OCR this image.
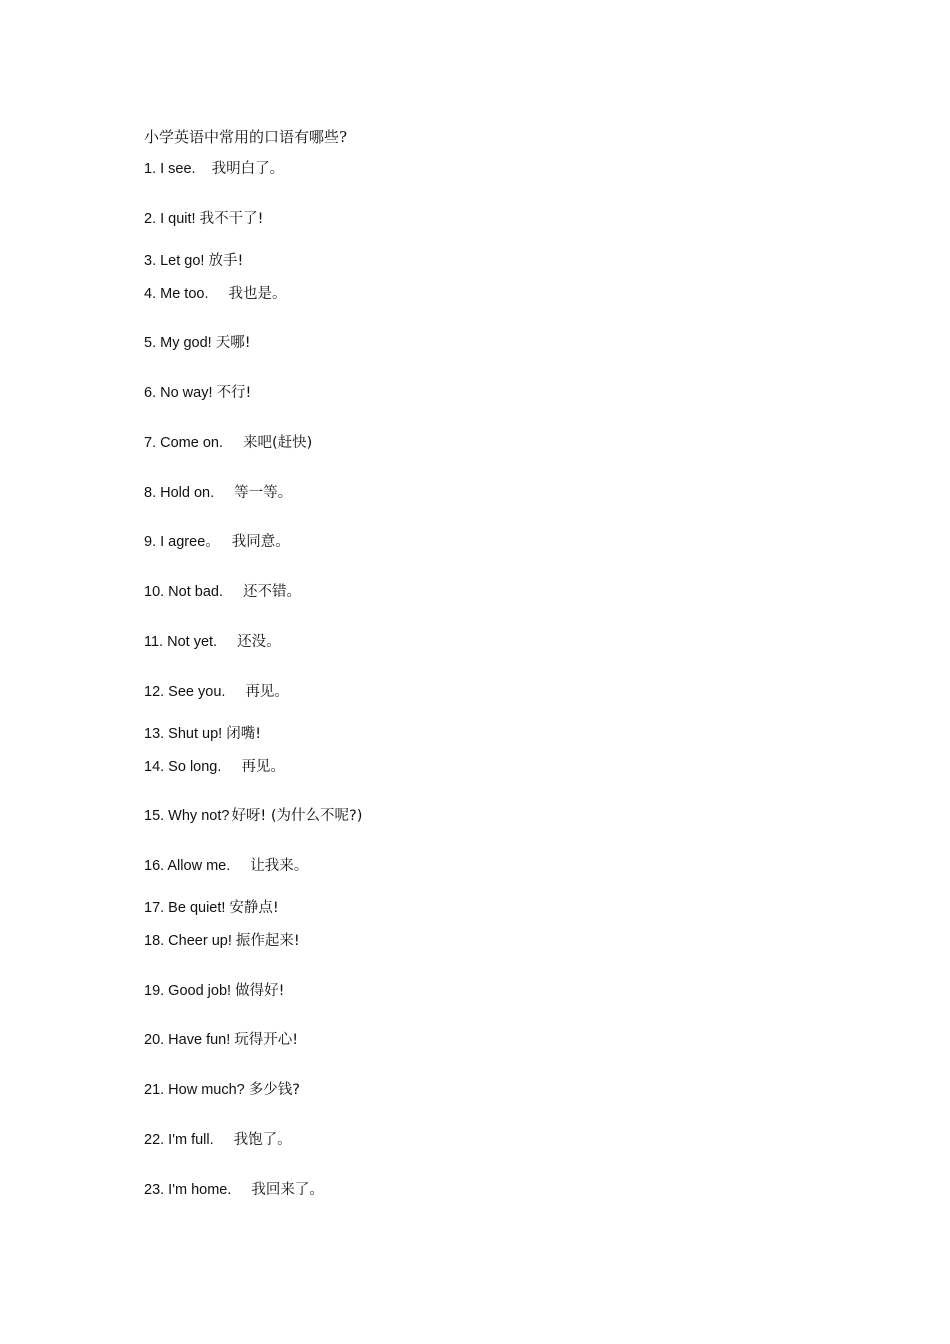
小学英语中常用的口语有哪些?
1. I see. 我明白了。
2. I quit! 我不干了!
3. Let go! 放手!
4. Me too. 我也是。
5. My god! 天哪!
6. No way! 不行!
7. Come on. 来吧(赶快)
8. Hold on. 等一等。
9. I agree。 我同意。
10. Not bad. 还不错。
11. Not yet. 还没。
12. See you. 再见。
13. Shut up! 闭嘴!
14. So long. 再见。
15. Why not? 好呀! (为什么不呢?)
16. Allow me. 让我来。
17. Be quiet! 安静点!
18. Cheer up! 振作起来!
19. Good job! 做得好!
20. Have fun! 玩得开心!
21. How much? 多少钱?
22. I'm full. 我饱了。
23. I'm home. 我回来了。
